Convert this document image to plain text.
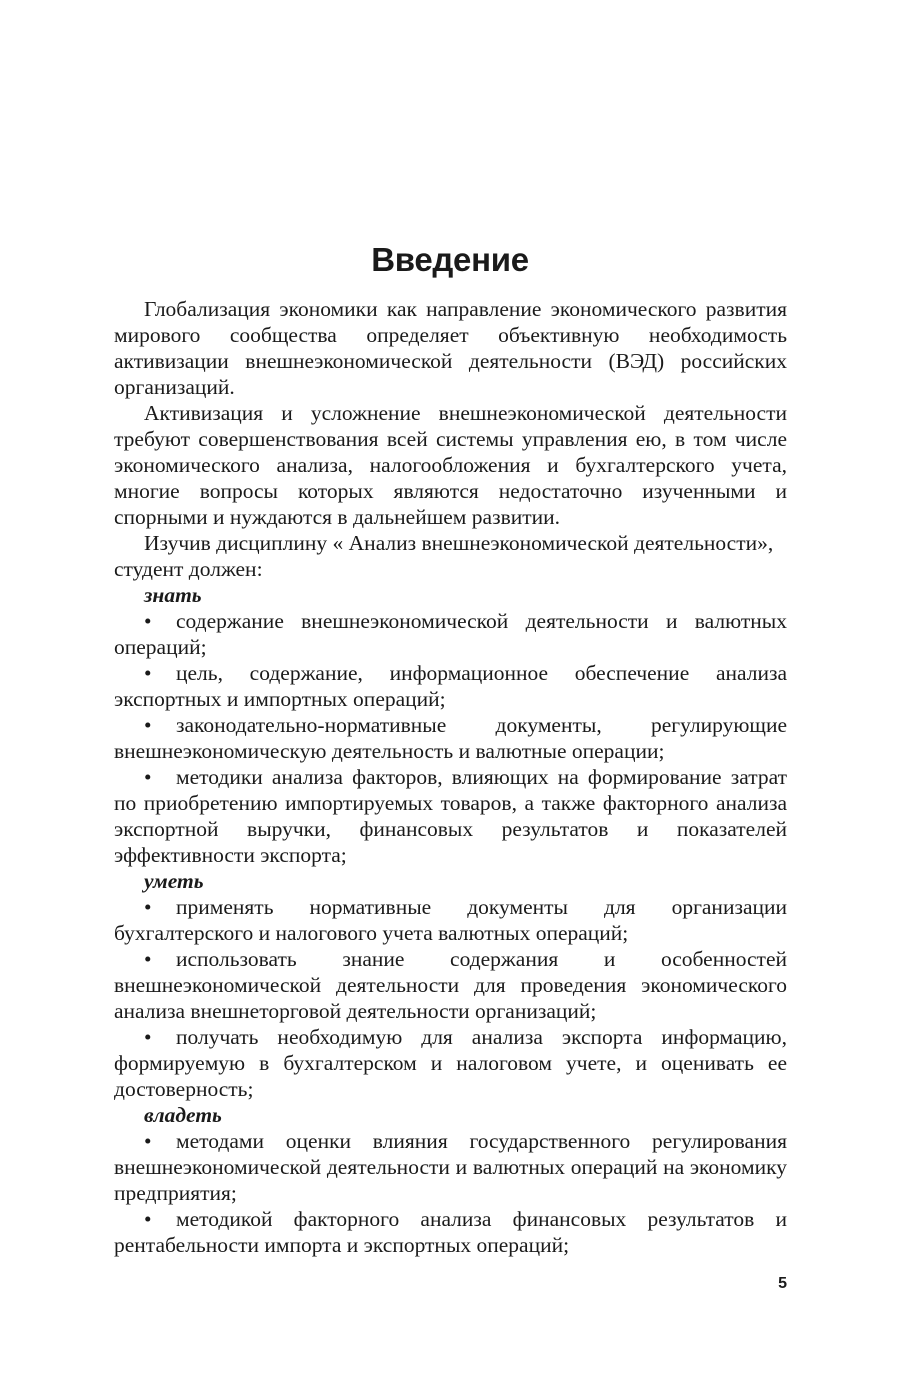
Введение

Глобализация экономики как направление экономического развития мирового сообщества определяет объективную необходимость активизации внешнеэкономической деятельности (ВЭД) российских организаций.

Активизация и усложнение внешнеэкономической деятельности требуют совершенствования всей системы управления ею, в том числе экономического анализа, налогообложения и бухгалтерского учета, многие вопросы которых являются недостаточно изученными и спорными и нуждаются в дальнейшем развитии.

Изучив дисциплину « Анализ внешнеэкономической деятельности», студент должен:

знать

• содержание внешнеэкономической деятельности и валютных операций;

• цель, содержание, информационное обеспечение анализа экспортных и импортных операций;

• законодательно-нормативные документы, регулирующие внешнеэкономическую деятельность и валютные операции;

• методики анализа факторов, влияющих на формирование затрат по приобретению импортируемых товаров, а также факторного анализа экспортной выручки, финансовых результатов и показателей эффективности экспорта;

уметь

• применять нормативные документы для организации бухгалтерского и налогового учета валютных операций;

• использовать знание содержания и особенностей внешнеэкономической деятельности для проведения экономического анализа внешнеторговой деятельности организаций;

• получать необходимую для анализа экспорта информацию, формируемую в бухгалтерском и налоговом учете, и оценивать ее достоверность;

владеть

• методами оценки влияния государственного регулирования внешнеэкономической деятельности и валютных операций на экономику предприятия;

• методикой факторного анализа финансовых результатов и рентабельности импорта и экспортных операций;

5
